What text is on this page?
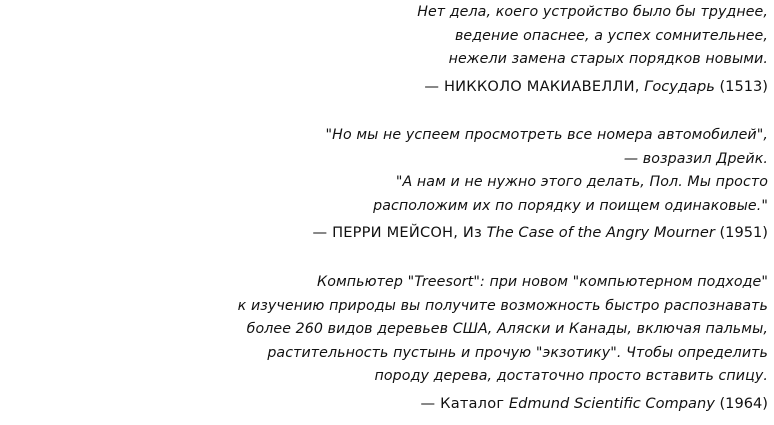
Нет дела, коего устройство было бы труднее,
ведение опаснее, а успех сомнительнее,
нежели замена старых порядков новыми.
— НИККОЛО МАКИАВЕЛЛИ, Государь (1513)
"Но мы не успеем просмотреть все номера автомобилей",
— возразил Дрейк.
"А нам и не нужно этого делать, Пол. Мы просто
расположим их по порядку и поищем одинаковые."
— ПЕРРИ МЕЙСОН, Из The Case of the Angry Mourner (1951)
Компьютер "Treesort": при новом "компьютерном подходе"
к изучению природы вы получите возможность быстро распознавать
более 260 видов деревьев США, Аляски и Канады, включая пальмы,
растительность пустынь и прочую "экзотику". Чтобы определить
породу дерева, достаточно просто вставить спицу.
— Каталог Edmund Scientific Company (1964)
